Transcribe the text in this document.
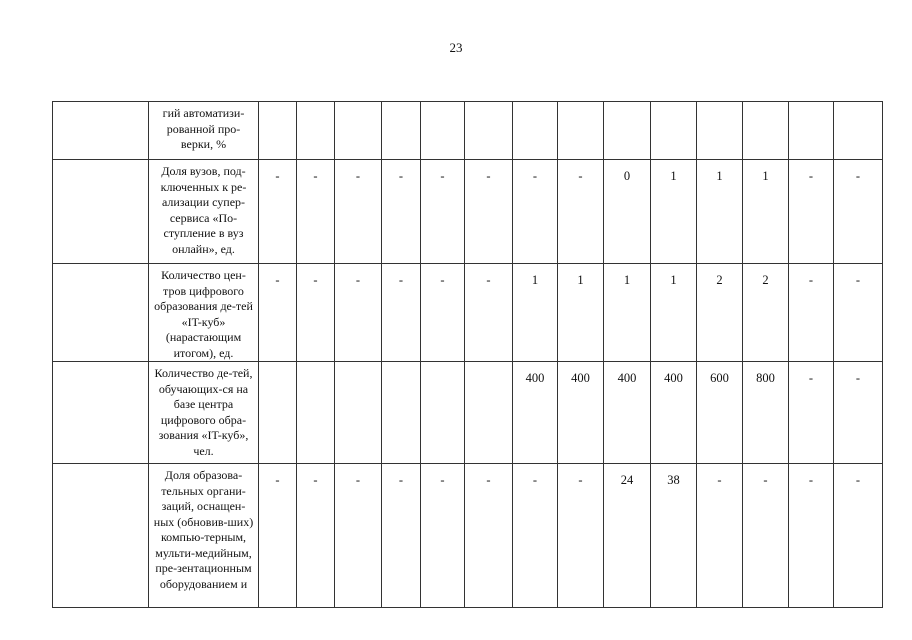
23
	гий автоматизи-рованной про-верки, %														
	Доля вузов, под-ключенных к ре-ализации супер-сервиса «По-ступление в вуз онлайн», ед.	-	-	-	-	-	-	-	-	0	1	1	1	-	-
	Количество цен-тров цифрового образования де-тей «IT-куб» (нарастающим итогом), ед.	-	-	-	-	-	-	1	1	1	1	2	2	-	-
	Количество де-тей, обучающих-ся на базе центра цифрового обра-зования «IT-куб», чел.							400	400	400	400	600	800	-	-
	Доля образова-тельных органи-заций, оснащен-ных (обновив-ших) компью-терным, мульти-медийным, пре-зентационным оборудованием и	-	-	-	-	-	-	-	-	24	38	-	-	-	-
